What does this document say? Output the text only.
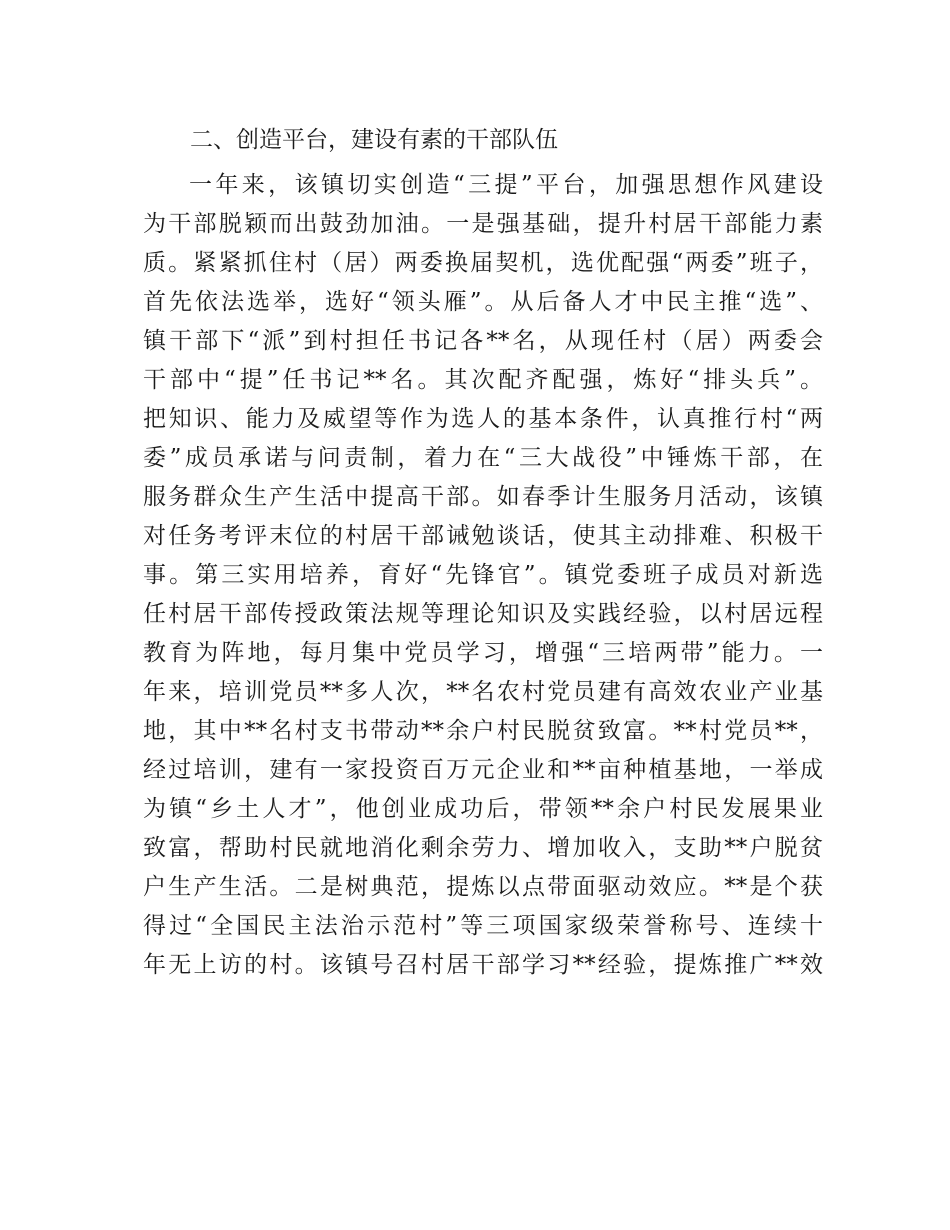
二、创造平台，建设有素的干部队伍
一年来，该镇切实创造“三提”平台，加强思想作风建设
为干部脱颖而出鼓劲加油。一是强基础，提升村居干部能力素
质。紧紧抓住村（居）两委换届契机，选优配强“两委”班子，
首先依法选举，选好“领头雁”。从后备人才中民主推“选”、
镇干部下“派”到村担任书记各**名，从现任村（居）两委会
干部中“提”任书记**名。其次配齐配强，炼好“排头兵”。
把知识、能力及威望等作为选人的基本条件，认真推行村“两
委”成员承诺与问责制，着力在“三大战役”中锤炼干部，在
服务群众生产生活中提高干部。如春季计生服务月活动，该镇
对任务考评末位的村居干部诫勉谈话，使其主动排难、积极干
事。第三实用培养，育好“先锋官”。镇党委班子成员对新选
任村居干部传授政策法规等理论知识及实践经验，以村居远程
教育为阵地，每月集中党员学习，增强“三培两带”能力。一
年来，培训党员**多人次，**名农村党员建有高效农业产业基
地，其中**名村支书带动**余户村民脱贫致富。**村党员**，
经过培训，建有一家投资百万元企业和**亩种植基地，一举成
为镇“乡土人才”，他创业成功后，带领**余户村民发展果业
致富，帮助村民就地消化剩余劳力、增加收入，支助**户脱贫
户生产生活。二是树典范，提炼以点带面驱动效应。**是个获
得过“全国民主法治示范村”等三项国家级荣誉称号、连续十
年无上访的村。该镇号召村居干部学习**经验，提炼推广**效
